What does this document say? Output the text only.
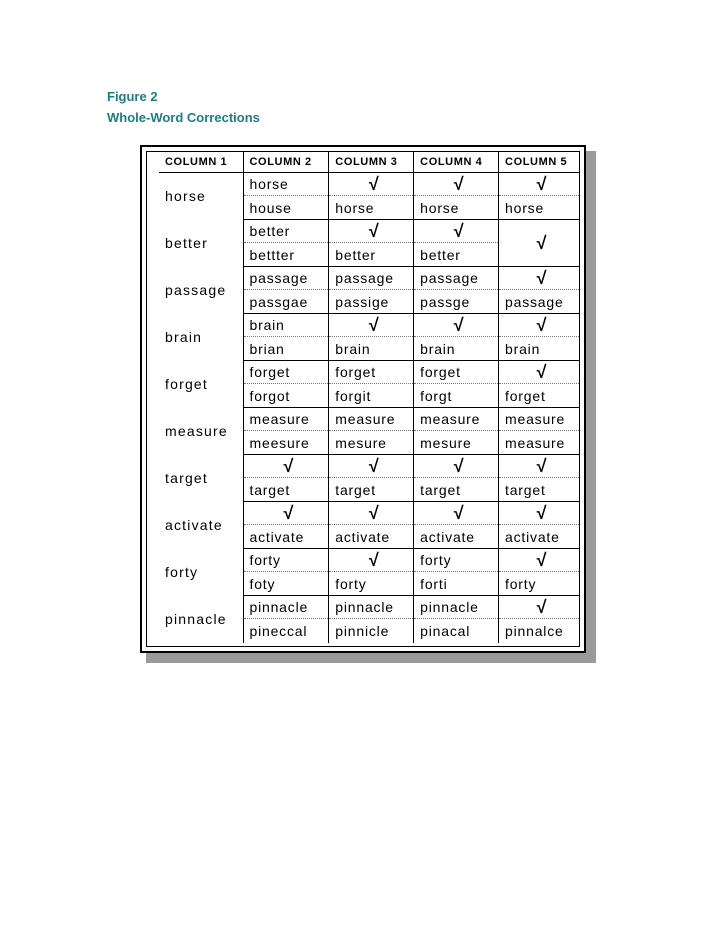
Figure 2
Whole-Word Corrections
COLUMN 1	COLUMN 2	COLUMN 3	COLUMN 4	COLUMN 5
horse	horse	√	√	√
	house	horse	horse	horse
better	better	√	√	√
	bettter	better	better	
passage	passage	passage	passage	√
	passgae	passige	passge	passage
brain	brain	√	√	√
	brian	brain	brain	brain
forget	forget	forget	forget	√
	forgot	forgit	forgt	forget
measure	measure	measure	measure	measure
	meesure	mesure	mesure	measure
target	√	√	√	√
	target	target	target	target
activate	√	√	√	√
	activate	activate	activate	activate
forty	forty	√	forty	√
	foty	forty	forti	forty
pinnacle	pinnacle	pinnacle	pinnacle	√
	pineccal	pinnicle	pinacal	pinnalce
